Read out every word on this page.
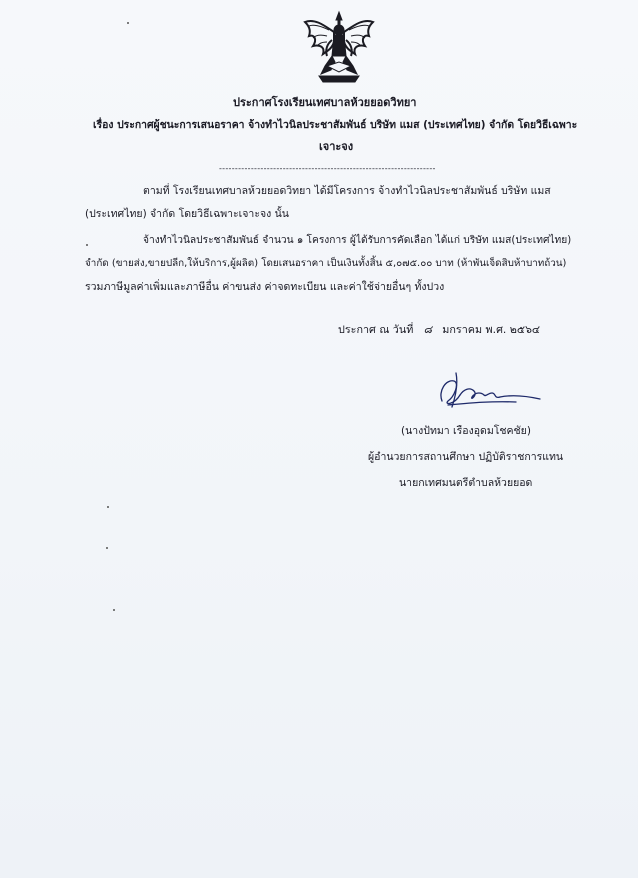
ประกาศโรงเรียนเทศบาลห้วยยอดวิทยา
เรื่อง ประกาศผู้ชนะการเสนอราคา จ้างทำไวนิลประชาสัมพันธ์ บริษัท แมส (ประเทศไทย) จำกัด โดยวิธีเฉพาะ
เจาะจง
--------------------------------------------------------------------
ตามที่ โรงเรียนเทศบาลห้วยยอดวิทยา ได้มีโครงการ จ้างทำไวนิลประชาสัมพันธ์ บริษัท แมส
(ประเทศไทย) จำกัด โดยวิธีเฉพาะเจาะจง นั้น
จ้างทำไวนิลประชาสัมพันธ์ จำนวน ๑ โครงการ ผู้ได้รับการคัดเลือก ได้แก่ บริษัท แมส(ประเทศไทย)
จำกัด (ขายส่ง,ขายปลีก,ให้บริการ,ผู้ผลิต) โดยเสนอราคา เป็นเงินทั้งสิ้น ๕,๐๗๕.๐๐ บาท (ห้าพันเจ็ดสิบห้าบาทถ้วน)
รวมภาษีมูลค่าเพิ่มและภาษีอื่น ค่าขนส่ง ค่าจดทะเบียน และค่าใช้จ่ายอื่นๆ ทั้งปวง
ประกาศ ณ วันที่ ๘ มกราคม พ.ศ. ๒๕๖๔
(นางปัทมา เรืองอุดมโชคชัย)
ผู้อำนวยการสถานศึกษา ปฏิบัติราชการแทน
นายกเทศมนตรีตำบลห้วยยอด
